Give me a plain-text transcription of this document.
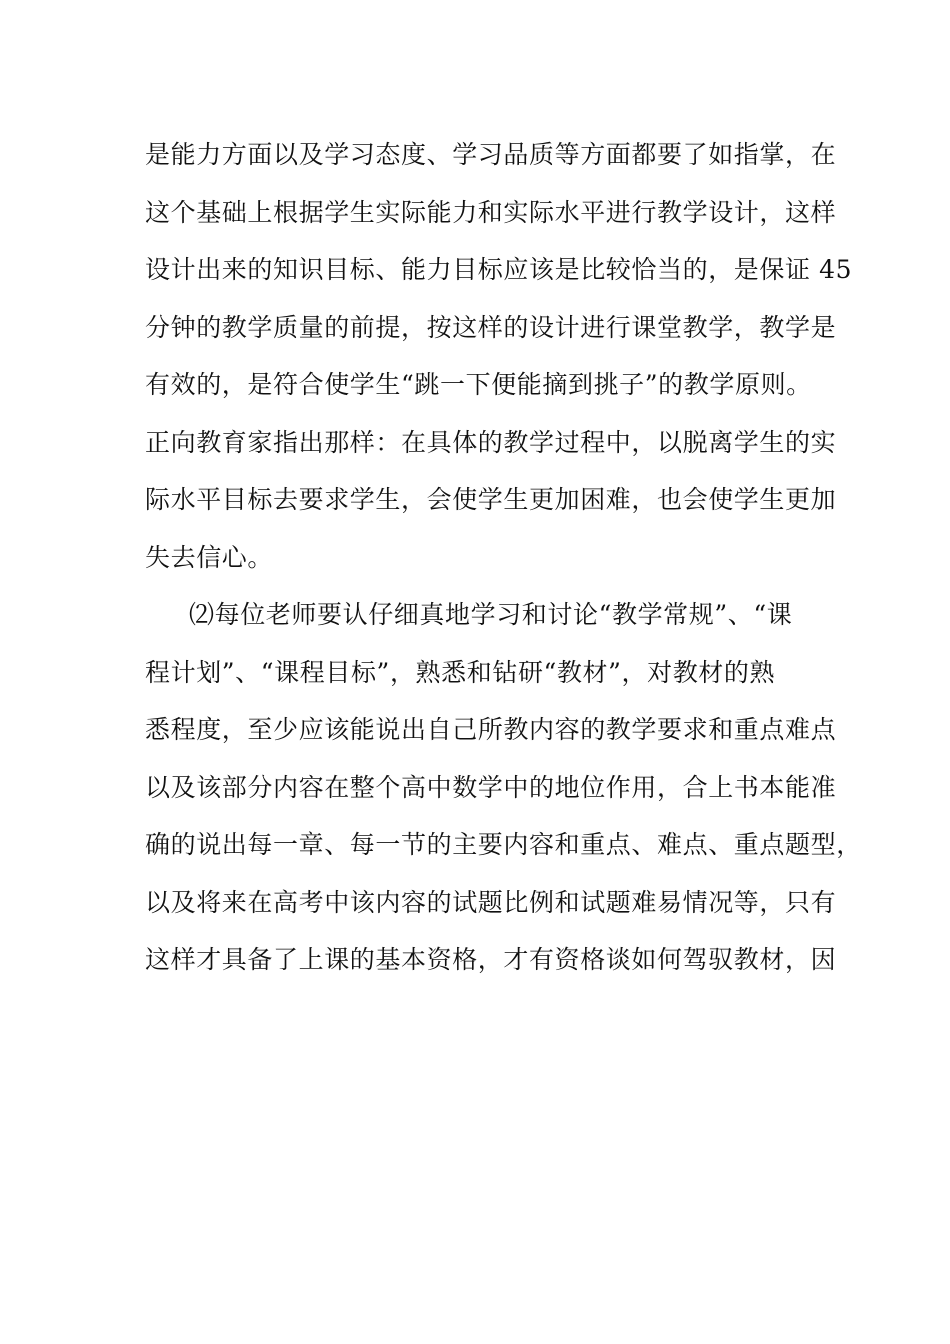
是能力方面以及学习态度、学习品质等方面都要了如指掌，在
这个基础上根据学生实际能力和实际水平进行教学设计，这样
设计出来的知识目标、能力目标应该是比较恰当的，是保证 45
分钟的教学质量的前提，按这样的设计进行课堂教学，教学是
有效的，是符合使学生“跳一下便能摘到挑子”的教学原则。
正向教育家指出那样：在具体的教学过程中，以脱离学生的实
际水平目标去要求学生，会使学生更加困难，也会使学生更加
失去信心。
⑵每位老师要认仔细真地学习和讨论“教学常规”、“课
程计划”、“课程目标”，熟悉和钻研“教材”，对教材的熟
悉程度，至少应该能说出自己所教内容的教学要求和重点难点
以及该部分内容在整个高中数学中的地位作用，合上书本能准
确的说出每一章、每一节的主要内容和重点、难点、重点题型，
以及将来在高考中该内容的试题比例和试题难易情况等，只有
这样才具备了上课的基本资格，才有资格谈如何驾驭教材，因
